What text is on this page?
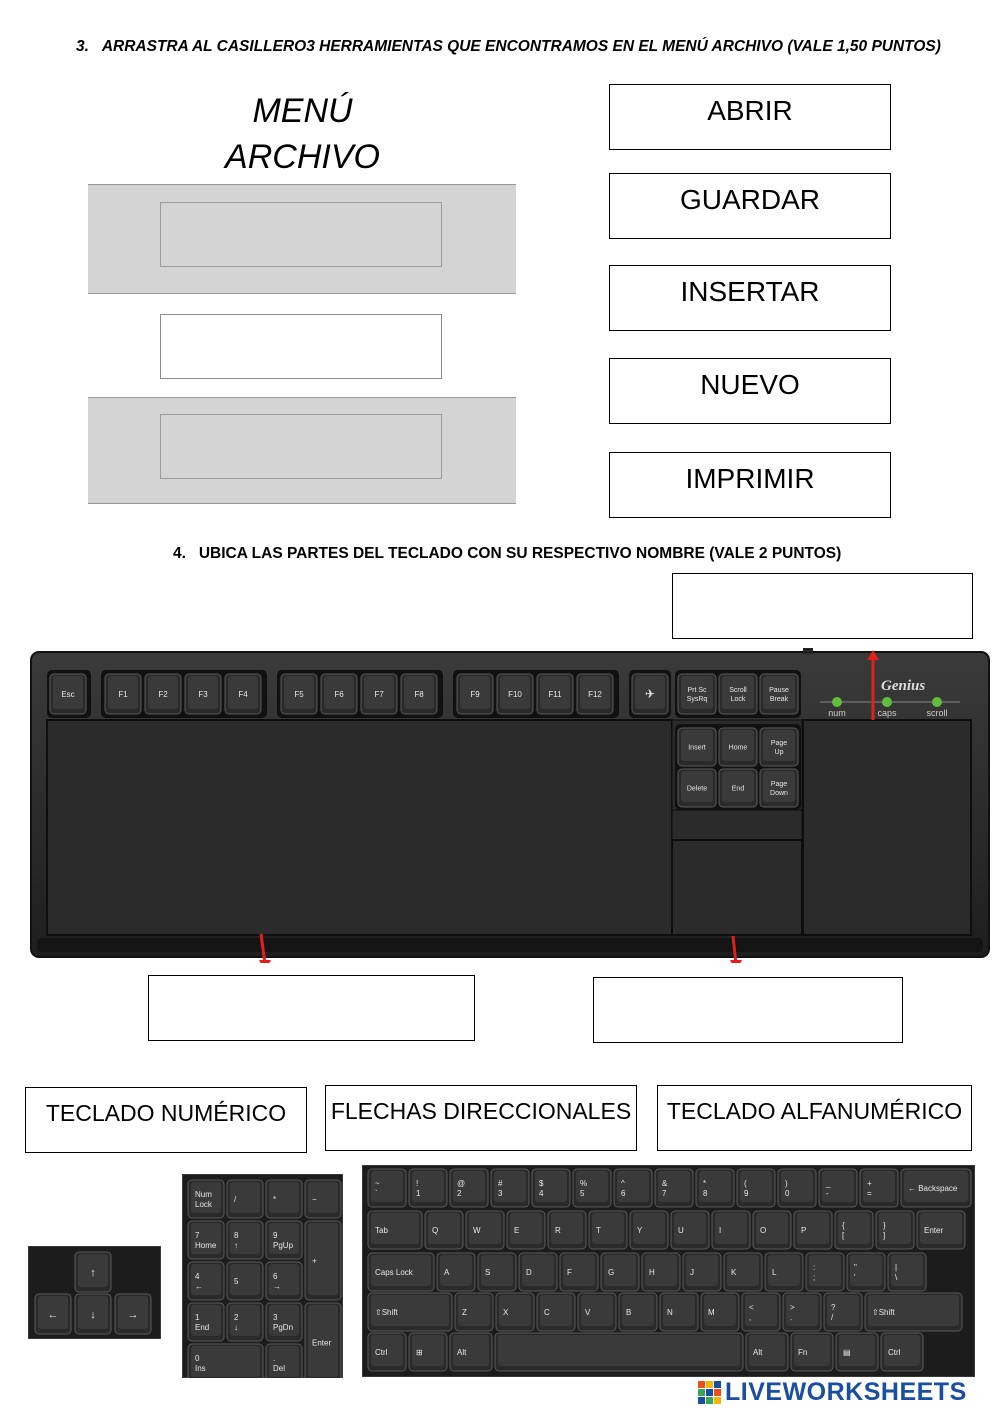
3.   ARRASTRA AL CASILLERO3 HERRAMIENTAS QUE ENCONTRAMOS EN EL MENÚ ARCHIVO (VALE 1,50 PUNTOS)
MENÚ
ARCHIVO
ABRIR
GUARDAR
INSERTAR
NUEVO
IMPRIMIR
4.   UBICA LAS PARTES DEL TECLADO CON SU RESPECTIVO NOMBRE (VALE 2 PUNTOS)
Esc	F1	F2	F3	F4	F5	F6	F7	F8	F9	F10	F11	F12	✈	Prt Sc
SysRq
Scroll
Lock
Pause
Break
Insert	Home
Page
Up
Delete	End
Page
Down
Genius
num	caps	scroll
TECLADO NUMÉRICO	FLECHAS DIRECCIONALES	TECLADO ALFANUMÉRICO
↑
←	↓	→
Num
Lock
/	*	−
7
Home
8
↑
9
PgUp
+
4
←
5
6
→
1
End
2
↓
3
PgDn
Enter
0
Ins
.
Del
~
`
!
1
@
2
#
3
$
4
%
5
^
6
&
7
*
8
(
9
)
0
_
-
+
=
← Backspace
Tab	Q	W	E	R	T	Y	U	I	O	P
{
[
}
]
Enter
Caps Lock	A	S	D	F	G	H	J	K	L
:
;
"
'
|
\
⇧Shift	Z	X	C	V	B	N	M
<
,
>
.
?
/
⇧Shift
Ctrl	⊞	Alt	Alt	Fn	▤	Ctrl
LIVEWORKSHEETS
